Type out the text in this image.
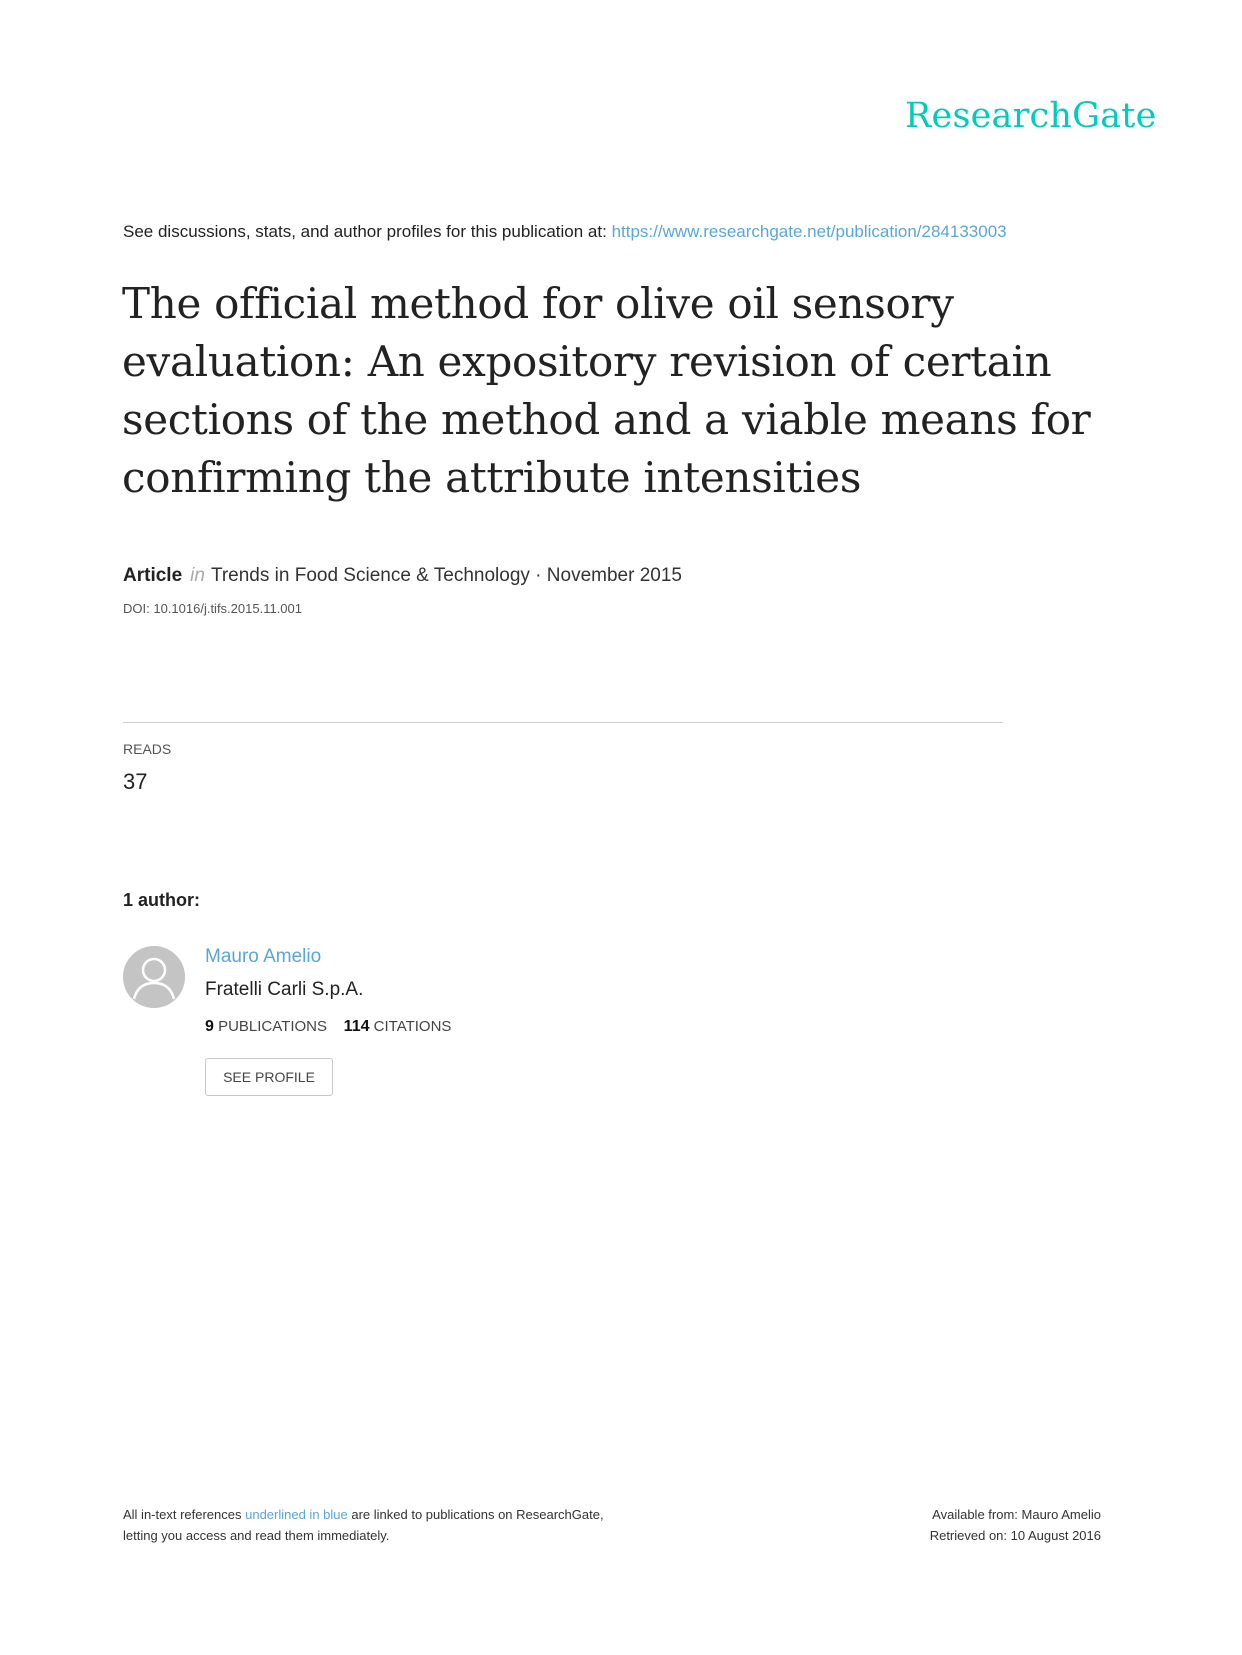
ResearchGate
See discussions, stats, and author profiles for this publication at: https://www.researchgate.net/publication/284133003
The official method for olive oil sensory evaluation: An expository revision of certain sections of the method and a viable means for confirming the attribute intensities
Article in Trends in Food Science & Technology · November 2015
DOI: 10.1016/j.tifs.2015.11.001
READS
37
1 author:
Mauro Amelio
Fratelli Carli S.p.A.
9 PUBLICATIONS 114 CITATIONS
SEE PROFILE
All in-text references underlined in blue are linked to publications on ResearchGate,
letting you access and read them immediately.
Available from: Mauro Amelio
Retrieved on: 10 August 2016
